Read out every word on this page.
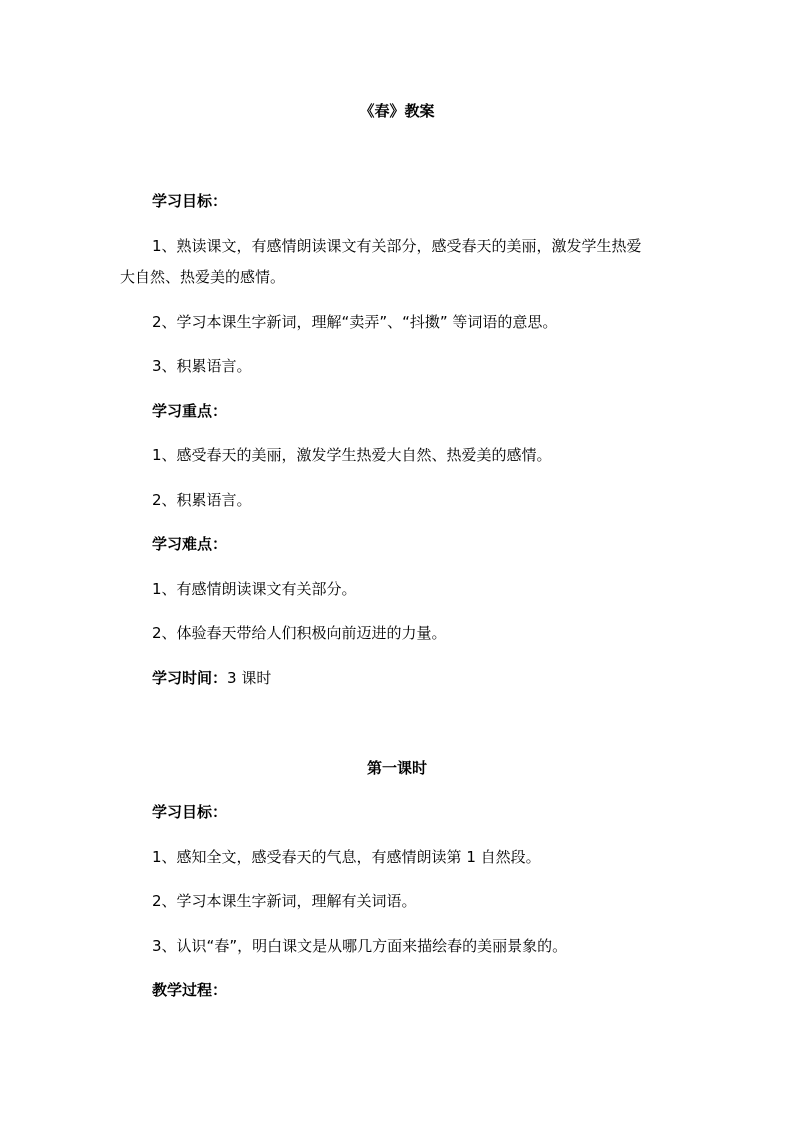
《春》教案
学习目标：
1、熟读课文，有感情朗读课文有关部分，感受春天的美丽，激发学生热爱
大自然、热爱美的感情。
2、学习本课生字新词，理解“卖弄”、“抖擞” 等词语的意思。
3、积累语言。
学习重点：
1、感受春天的美丽，激发学生热爱大自然、热爱美的感情。
2、积累语言。
学习难点：
1、有感情朗读课文有关部分。
2、体验春天带给人们积极向前迈进的力量。
学习时间：3 课时
第一课时
学习目标：
1、感知全文，感受春天的气息，有感情朗读第 1 自然段。
2、学习本课生字新词，理解有关词语。
3、认识“春”，明白课文是从哪几方面来描绘春的美丽景象的。
教学过程：
